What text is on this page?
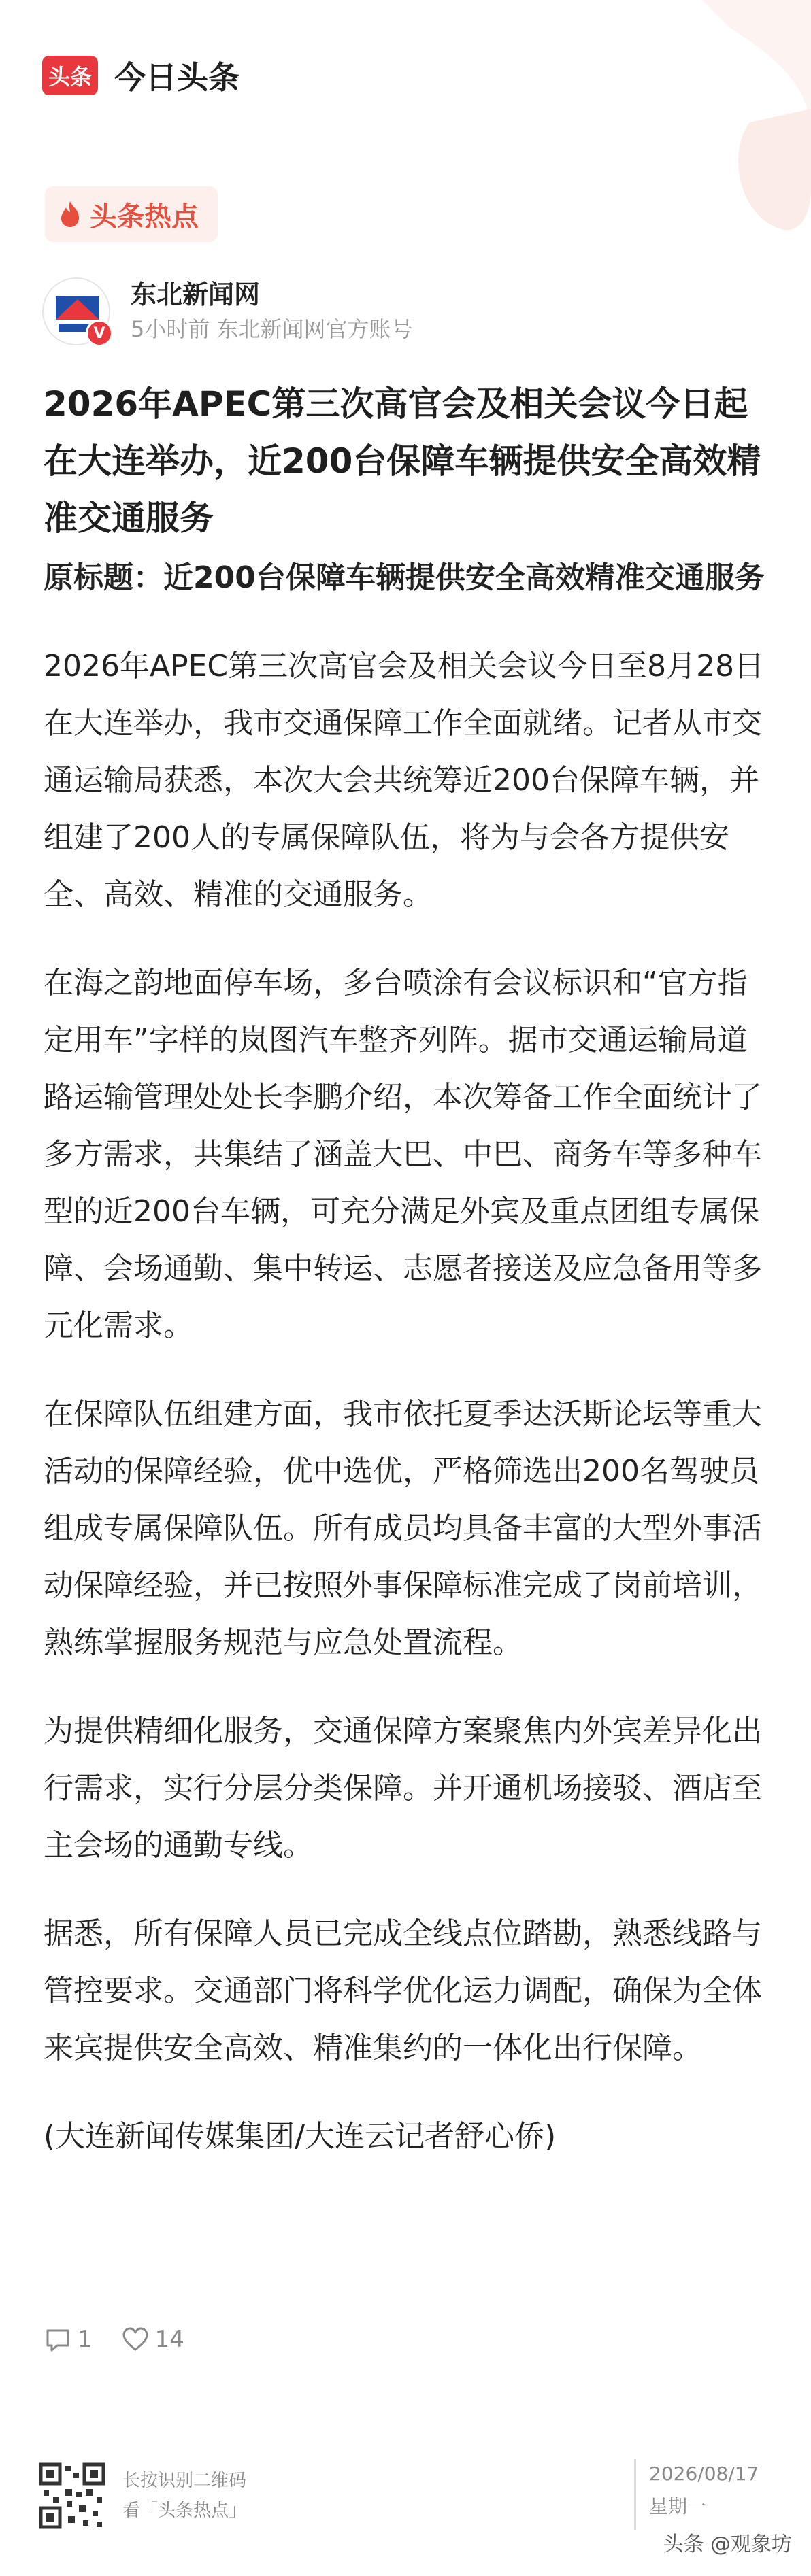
头条 今日头条
头条热点
V
东北新闻网
5小时前 东北新闻网官方账号
2026年APEC第三次高官会及相关会议今日起在大连举办，近200台保障车辆提供安全高效精准交通服务

原标题：近200台保障车辆提供安全高效精准交通服务

2026年APEC第三次高官会及相关会议今日至8月28日在大连举办，我市交通保障工作全面就绪。记者从市交通运输局获悉，本次大会共统筹近200台保障车辆，并组建了200人的专属保障队伍，将为与会各方提供安全、高效、精准的交通服务。

在海之韵地面停车场，多台喷涂有会议标识和“官方指定用车”字样的岚图汽车整齐列阵。据市交通运输局道路运输管理处处长李鹏介绍，本次筹备工作全面统计了多方需求，共集结了涵盖大巴、中巴、商务车等多种车型的近200台车辆，可充分满足外宾及重点团组专属保障、会场通勤、集中转运、志愿者接送及应急备用等多元化需求。

在保障队伍组建方面，我市依托夏季达沃斯论坛等重大活动的保障经验，优中选优，严格筛选出200名驾驶员组成专属保障队伍。所有成员均具备丰富的大型外事活动保障经验，并已按照外事保障标准完成了岗前培训，熟练掌握服务规范与应急处置流程。

为提供精细化服务，交通保障方案聚焦内外宾差异化出行需求，实行分层分类保障。并开通机场接驳、酒店至主会场的通勤专线。

据悉，所有保障人员已完成全线点位踏勘，熟悉线路与管控要求。交通部门将科学优化运力调配，确保为全体来宾提供安全高效、精准集约的一体化出行保障。

(大连新闻传媒集团/大连云记者舒心侨)

1	14
长按识别二维码
看「头条热点」
2026/08/17
星期一
头条 @观象坊
